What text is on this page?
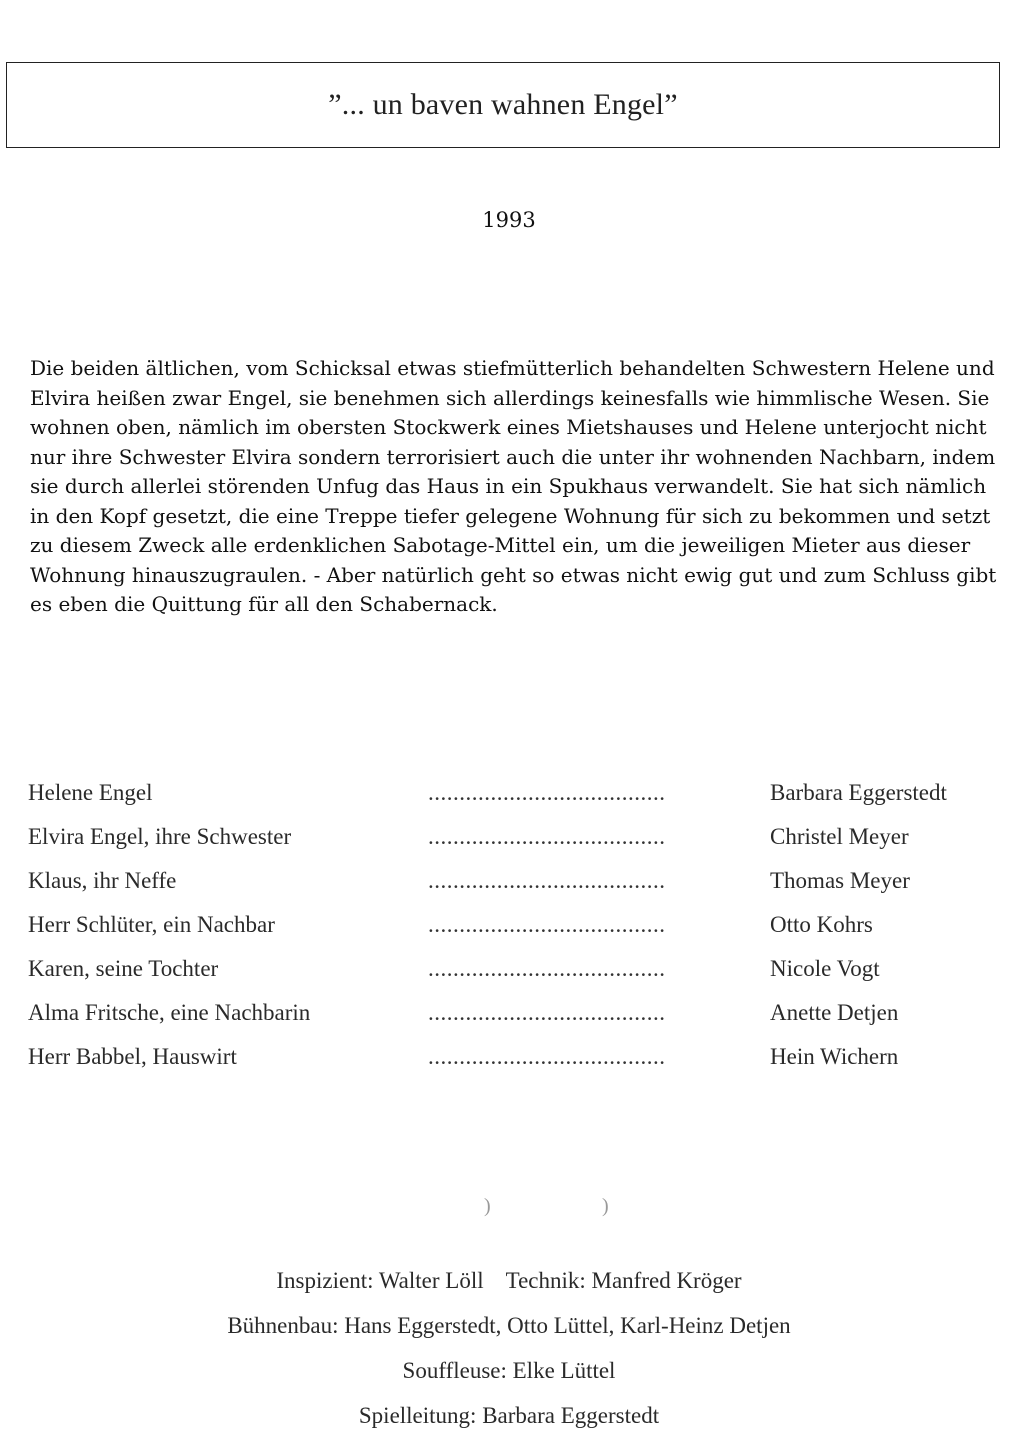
”... un baven wahnen Engel”
1993

Die beiden ältlichen, vom Schicksal etwas stiefmütterlich behandelten Schwestern Helene und Elvira heißen zwar Engel, sie benehmen sich allerdings keinesfalls wie himmlische Wesen. Sie wohnen oben, nämlich im obersten Stockwerk eines Mietshauses und Helene unterjocht nicht nur ihre Schwester Elvira sondern terrorisiert auch die unter ihr wohnenden Nachbarn, indem sie durch allerlei störenden Unfug das Haus in ein Spukhaus verwandelt. Sie hat sich nämlich in den Kopf gesetzt, die eine Treppe tiefer gelegene Wohnung für sich zu bekommen und setzt zu diesem Zweck alle erdenklichen Sabotage-Mittel ein, um die jeweiligen Mieter aus dieser Wohnung hinauszugraulen. - Aber natürlich geht so etwas nicht ewig gut und zum Schluss gibt es eben die Quittung für all den Schabernack.

Helene Engel	......................................	Barbara Eggerstedt
Elvira Engel, ihre Schwester	......................................	Christel Meyer
Klaus, ihr Neffe	......................................	Thomas Meyer
Herr Schlüter, ein Nachbar	......................................	Otto Kohrs
Karen, seine Tochter	......................................	Nicole Vogt
Alma Fritsche, eine Nachbarin	......................................	Anette Detjen
Herr Babbel, Hauswirt	......................................	Hein Wichern
)	)
Inspizient: Walter Löll Technik: Manfred Kröger
Bühnenbau: Hans Eggerstedt, Otto Lüttel, Karl-Heinz Detjen
Souffleuse: Elke Lüttel
Spielleitung: Barbara Eggerstedt
